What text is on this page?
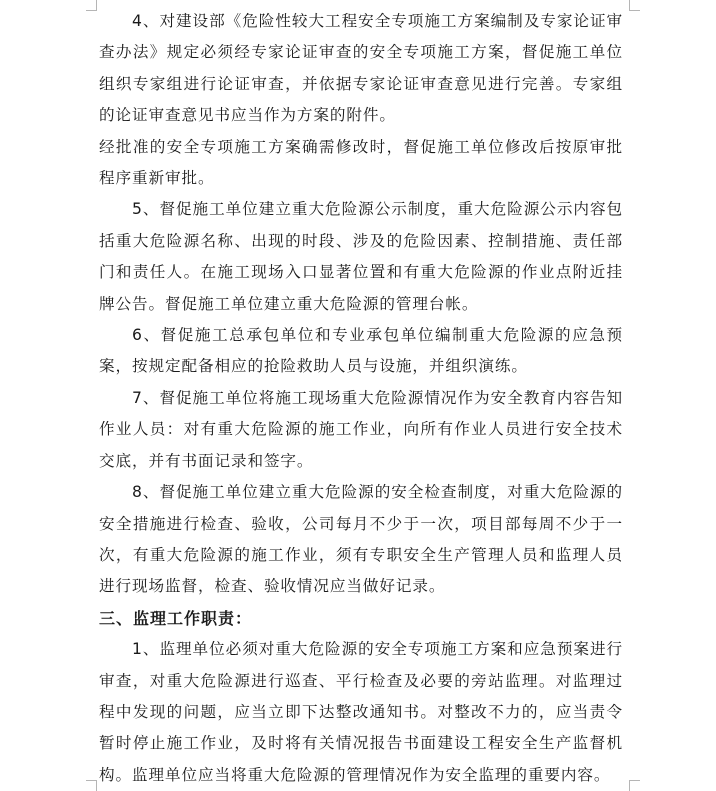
4、对建设部《危险性较大工程安全专项施工方案编制及专家论证审查办法》规定必须经专家论证审查的安全专项施工方案，督促施工单位组织专家组进行论证审查，并依据专家论证审查意见进行完善。专家组的论证审查意见书应当作为方案的附件。

经批准的安全专项施工方案确需修改时，督促施工单位修改后按原审批程序重新审批。

5、督促施工单位建立重大危险源公示制度，重大危险源公示内容包括重大危险源名称、出现的时段、涉及的危险因素、控制措施、责任部门和责任人。在施工现场入口显著位置和有重大危险源的作业点附近挂牌公告。督促施工单位建立重大危险源的管理台帐。

6、督促施工总承包单位和专业承包单位编制重大危险源的应急预案，按规定配备相应的抢险救助人员与设施，并组织演练。

7、督促施工单位将施工现场重大危险源情况作为安全教育内容告知作业人员：对有重大危险源的施工作业，向所有作业人员进行安全技术交底，并有书面记录和签字。

8、督促施工单位建立重大危险源的安全检查制度，对重大危险源的安全措施进行检查、验收，公司每月不少于一次，项目部每周不少于一次，有重大危险源的施工作业，须有专职安全生产管理人员和监理人员进行现场监督，检查、验收情况应当做好记录。

三、监理工作职责：

1、监理单位必须对重大危险源的安全专项施工方案和应急预案进行审查，对重大危险源进行巡查、平行检查及必要的旁站监理。对监理过程中发现的问题，应当立即下达整改通知书。对整改不力的，应当责令暂时停止施工作业，及时将有关情况报告书面建设工程安全生产监督机构。监理单位应当将重大危险源的管理情况作为安全监理的重要内容。
